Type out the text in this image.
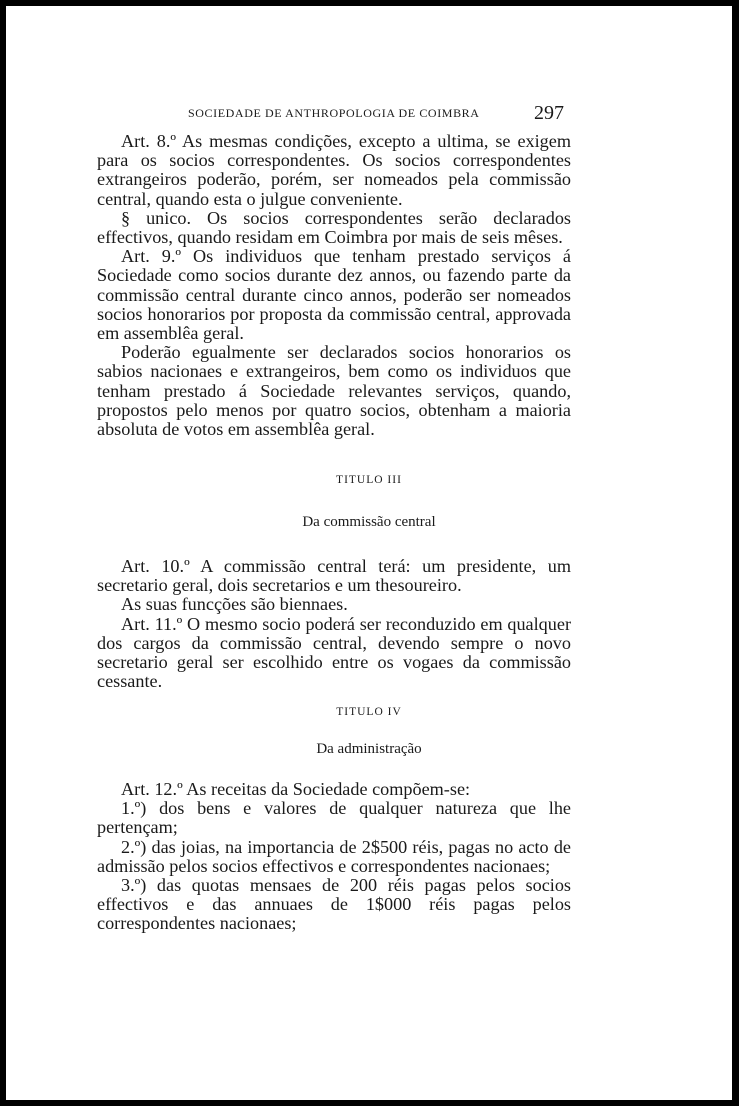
SOCIEDADE DE ANTHROPOLOGIA DE COIMBRA	297

Art. 8.º As mesmas condições, excepto a ultima, se exigem para os socios correspondentes. Os socios correspondentes extrangeiros poderão, porém, ser nomeados pela commissão central, quando esta o julgue conveniente.

§ unico. Os socios correspondentes serão declarados effectivos, quando residam em Coimbra por mais de seis mêses.

Art. 9.º Os individuos que tenham prestado serviços á Sociedade como socios durante dez annos, ou fazendo parte da commissão central durante cinco annos, poderão ser nomeados socios honorarios por proposta da commissão central, approvada em assemblêa geral.

Poderão egualmente ser declarados socios honorarios os sabios nacionaes e extrangeiros, bem como os individuos que tenham prestado á Sociedade relevantes serviços, quando, propostos pelo menos por quatro socios, obtenham a maioria absoluta de votos em assemblêa geral.

TITULO III

Da commissão central

Art. 10.º A commissão central terá: um presidente, um secretario geral, dois secretarios e um thesoureiro.

As suas funcções são biennaes.

Art. 11.º O mesmo socio poderá ser reconduzido em qualquer dos cargos da commissão central, devendo sempre o novo secretario geral ser escolhido entre os vogaes da commissão cessante.

TITULO IV

Da administração

Art. 12.º As receitas da Sociedade compõem-se:

1.º) dos bens e valores de qualquer natureza que lhe pertençam;

2.º) das joias, na importancia de 2$500 réis, pagas no acto de admissão pelos socios effectivos e correspondentes nacionaes;

3.º) das quotas mensaes de 200 réis pagas pelos socios effectivos e das annuaes de 1$000 réis pagas pelos correspondentes nacionaes;
